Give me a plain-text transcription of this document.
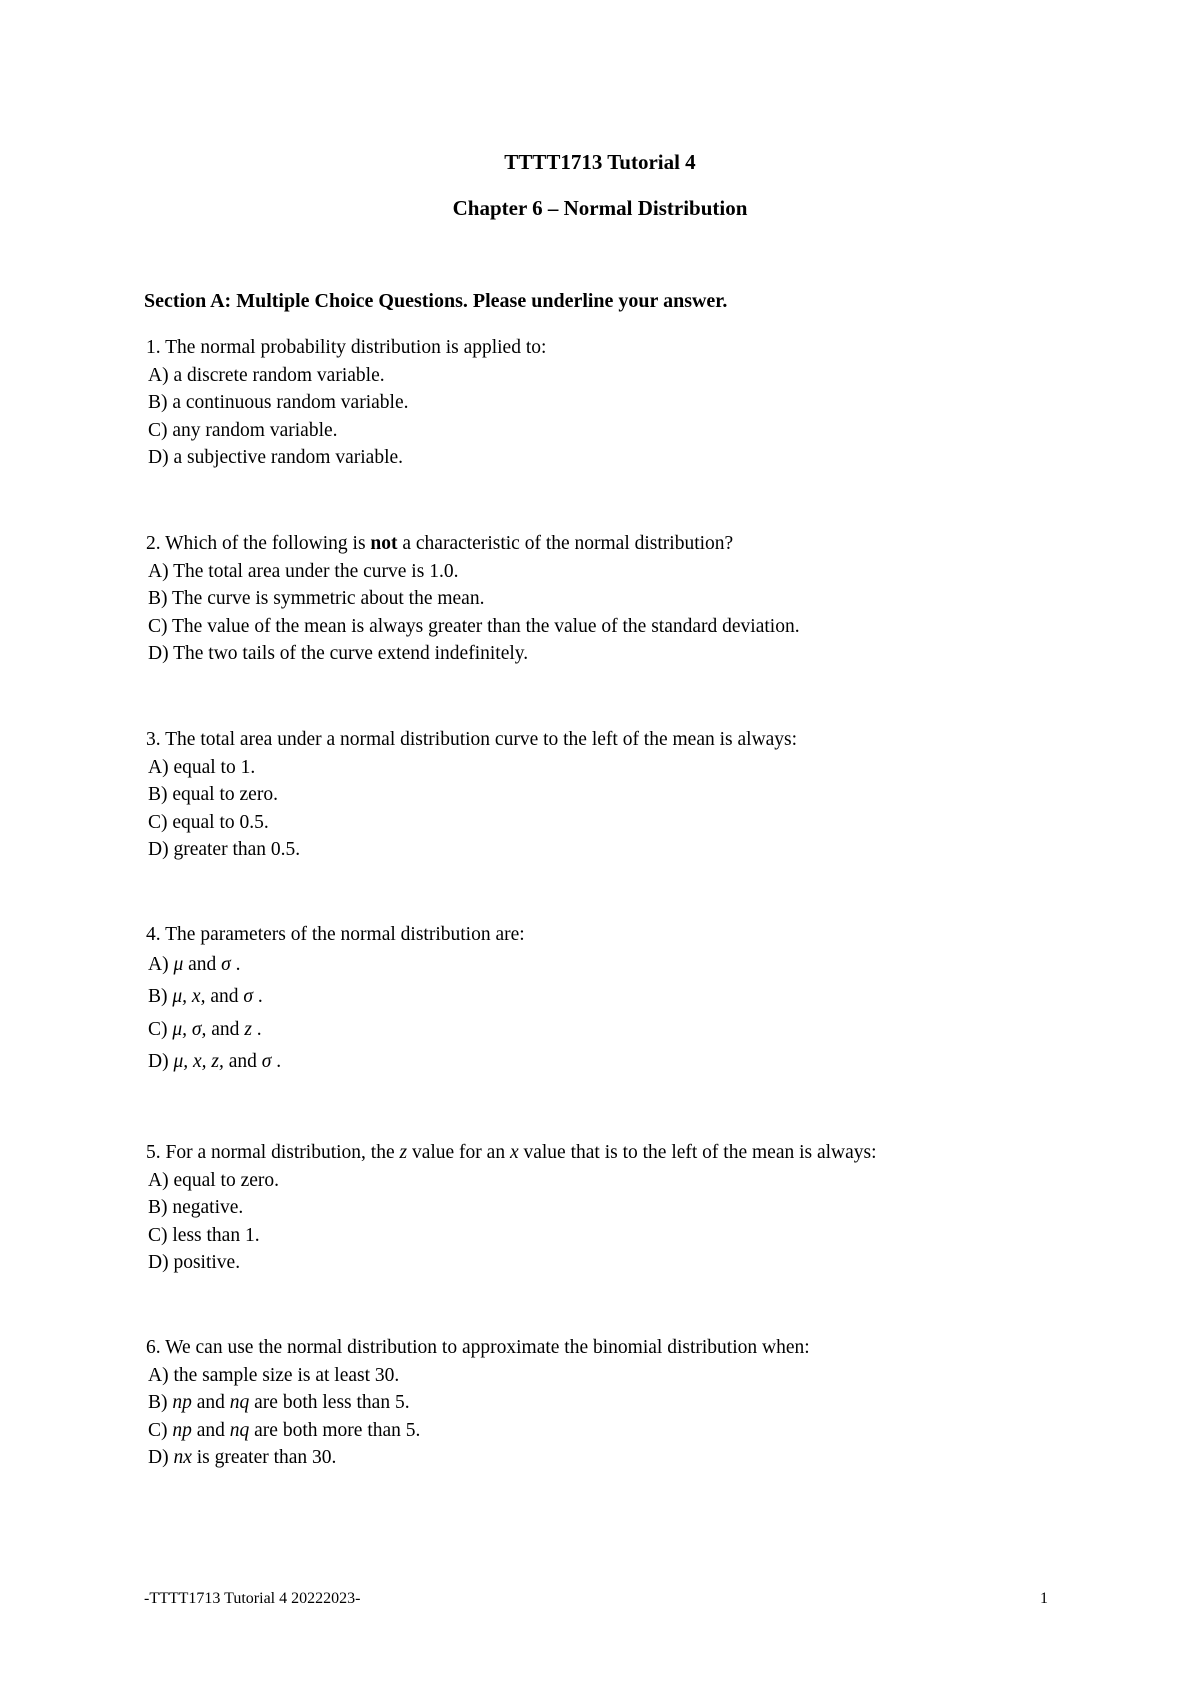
TTTT1713 Tutorial 4
Chapter 6 – Normal Distribution
Section A: Multiple Choice Questions. Please underline your answer.
1. The normal probability distribution is applied to:
A) a discrete random variable.
B) a continuous random variable.
C) any random variable.
D) a subjective random variable.
2. Which of the following is not a characteristic of the normal distribution?
A) The total area under the curve is 1.0.
B) The curve is symmetric about the mean.
C) The value of the mean is always greater than the value of the standard deviation.
D) The two tails of the curve extend indefinitely.
3. The total area under a normal distribution curve to the left of the mean is always:
A) equal to 1.
B) equal to zero.
C) equal to 0.5.
D) greater than 0.5.
4. The parameters of the normal distribution are:
A) μ and σ .
B) μ, x, and σ .
C) μ, σ, and z .
D) μ, x, z, and σ .
5. For a normal distribution, the z value for an x value that is to the left of the mean is always:
A) equal to zero.
B) negative.
C) less than 1.
D) positive.
6. We can use the normal distribution to approximate the binomial distribution when:
A) the sample size is at least 30.
B) np and nq are both less than 5.
C) np and nq are both more than 5.
D) nx is greater than 30.
-TTTT1713 Tutorial 4 20222023-	1
